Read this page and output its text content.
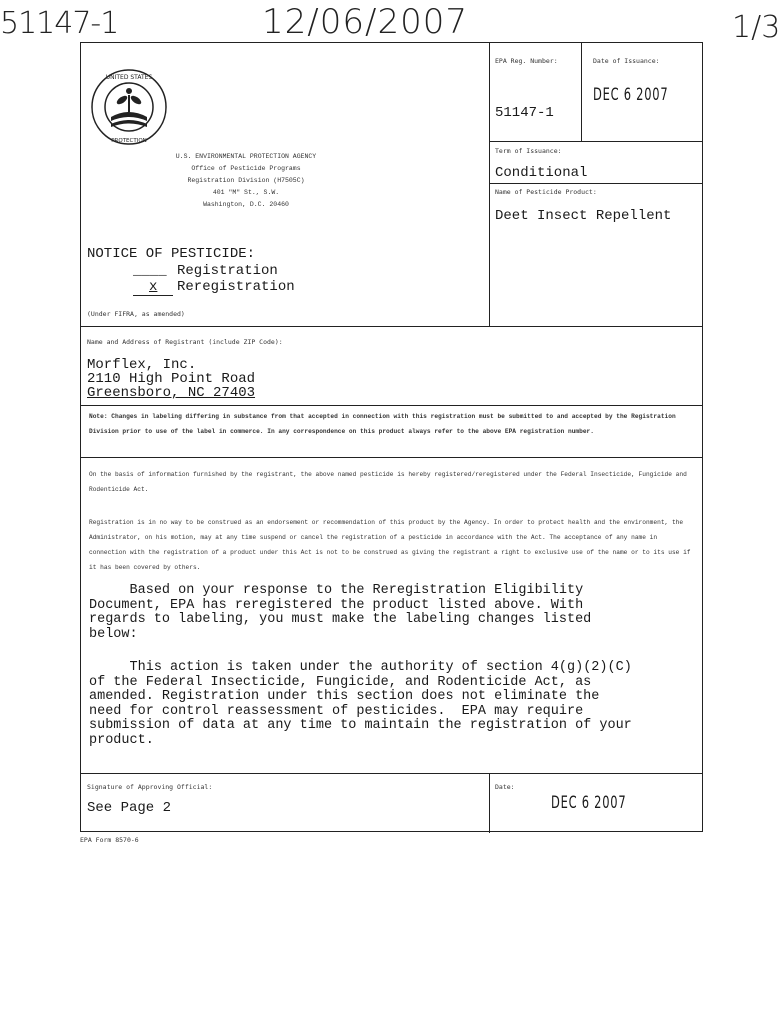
51147-1	12/06/2007	1/3
UNITED STATES
PROTECTION
U.S. ENVIRONMENTAL PROTECTION AGENCY
Office of Pesticide Programs
Registration Division (H7505C)
401 "M" St., S.W.
Washington, D.C. 20460
EPA Reg. Number:
51147-1
Date of Issuance:
DEC 6 2007
Term of Issuance:
Conditional
Name of Pesticide Product:
Deet Insect Repellent
NOTICE OF PESTICIDE:
____ Registration
x Reregistration
(Under FIFRA, as amended)
Name and Address of Registrant (include ZIP Code):
Morflex, Inc.
2110 High Point Road
Greensboro, NC 27403
Note: Changes in labeling differing in substance from that accepted in connection with this registration must be submitted to and accepted by the Registration Division prior to use of the label in commerce. In any correspondence on this product always refer to the above EPA registration number.
On the basis of information furnished by the registrant, the above named pesticide is hereby registered/reregistered under the Federal Insecticide, Fungicide and Rodenticide Act.
Registration is in no way to be construed as an endorsement or recommendation of this product by the Agency. In order to protect health and the environment, the Administrator, on his motion, may at any time suspend or cancel the registration of a pesticide in accordance with the Act. The acceptance of any name in connection with the registration of a product under this Act is not to be construed as giving the registrant a right to exclusive use of the name or to its use if it has been covered by others.
Based on your response to the Reregistration Eligibility
Document, EPA has reregistered the product listed above. With
regards to labeling, you must make the labeling changes listed
below:
This action is taken under the authority of section 4(g)(2)(C)
of the Federal Insecticide, Fungicide, and Rodenticide Act, as
amended. Registration under this section does not eliminate the
need for control reassessment of pesticides.  EPA may require
submission of data at any time to maintain the registration of your
product.
Signature of Approving Official:
See Page 2
Date:
DEC 6 2007
EPA Form 8570-6
